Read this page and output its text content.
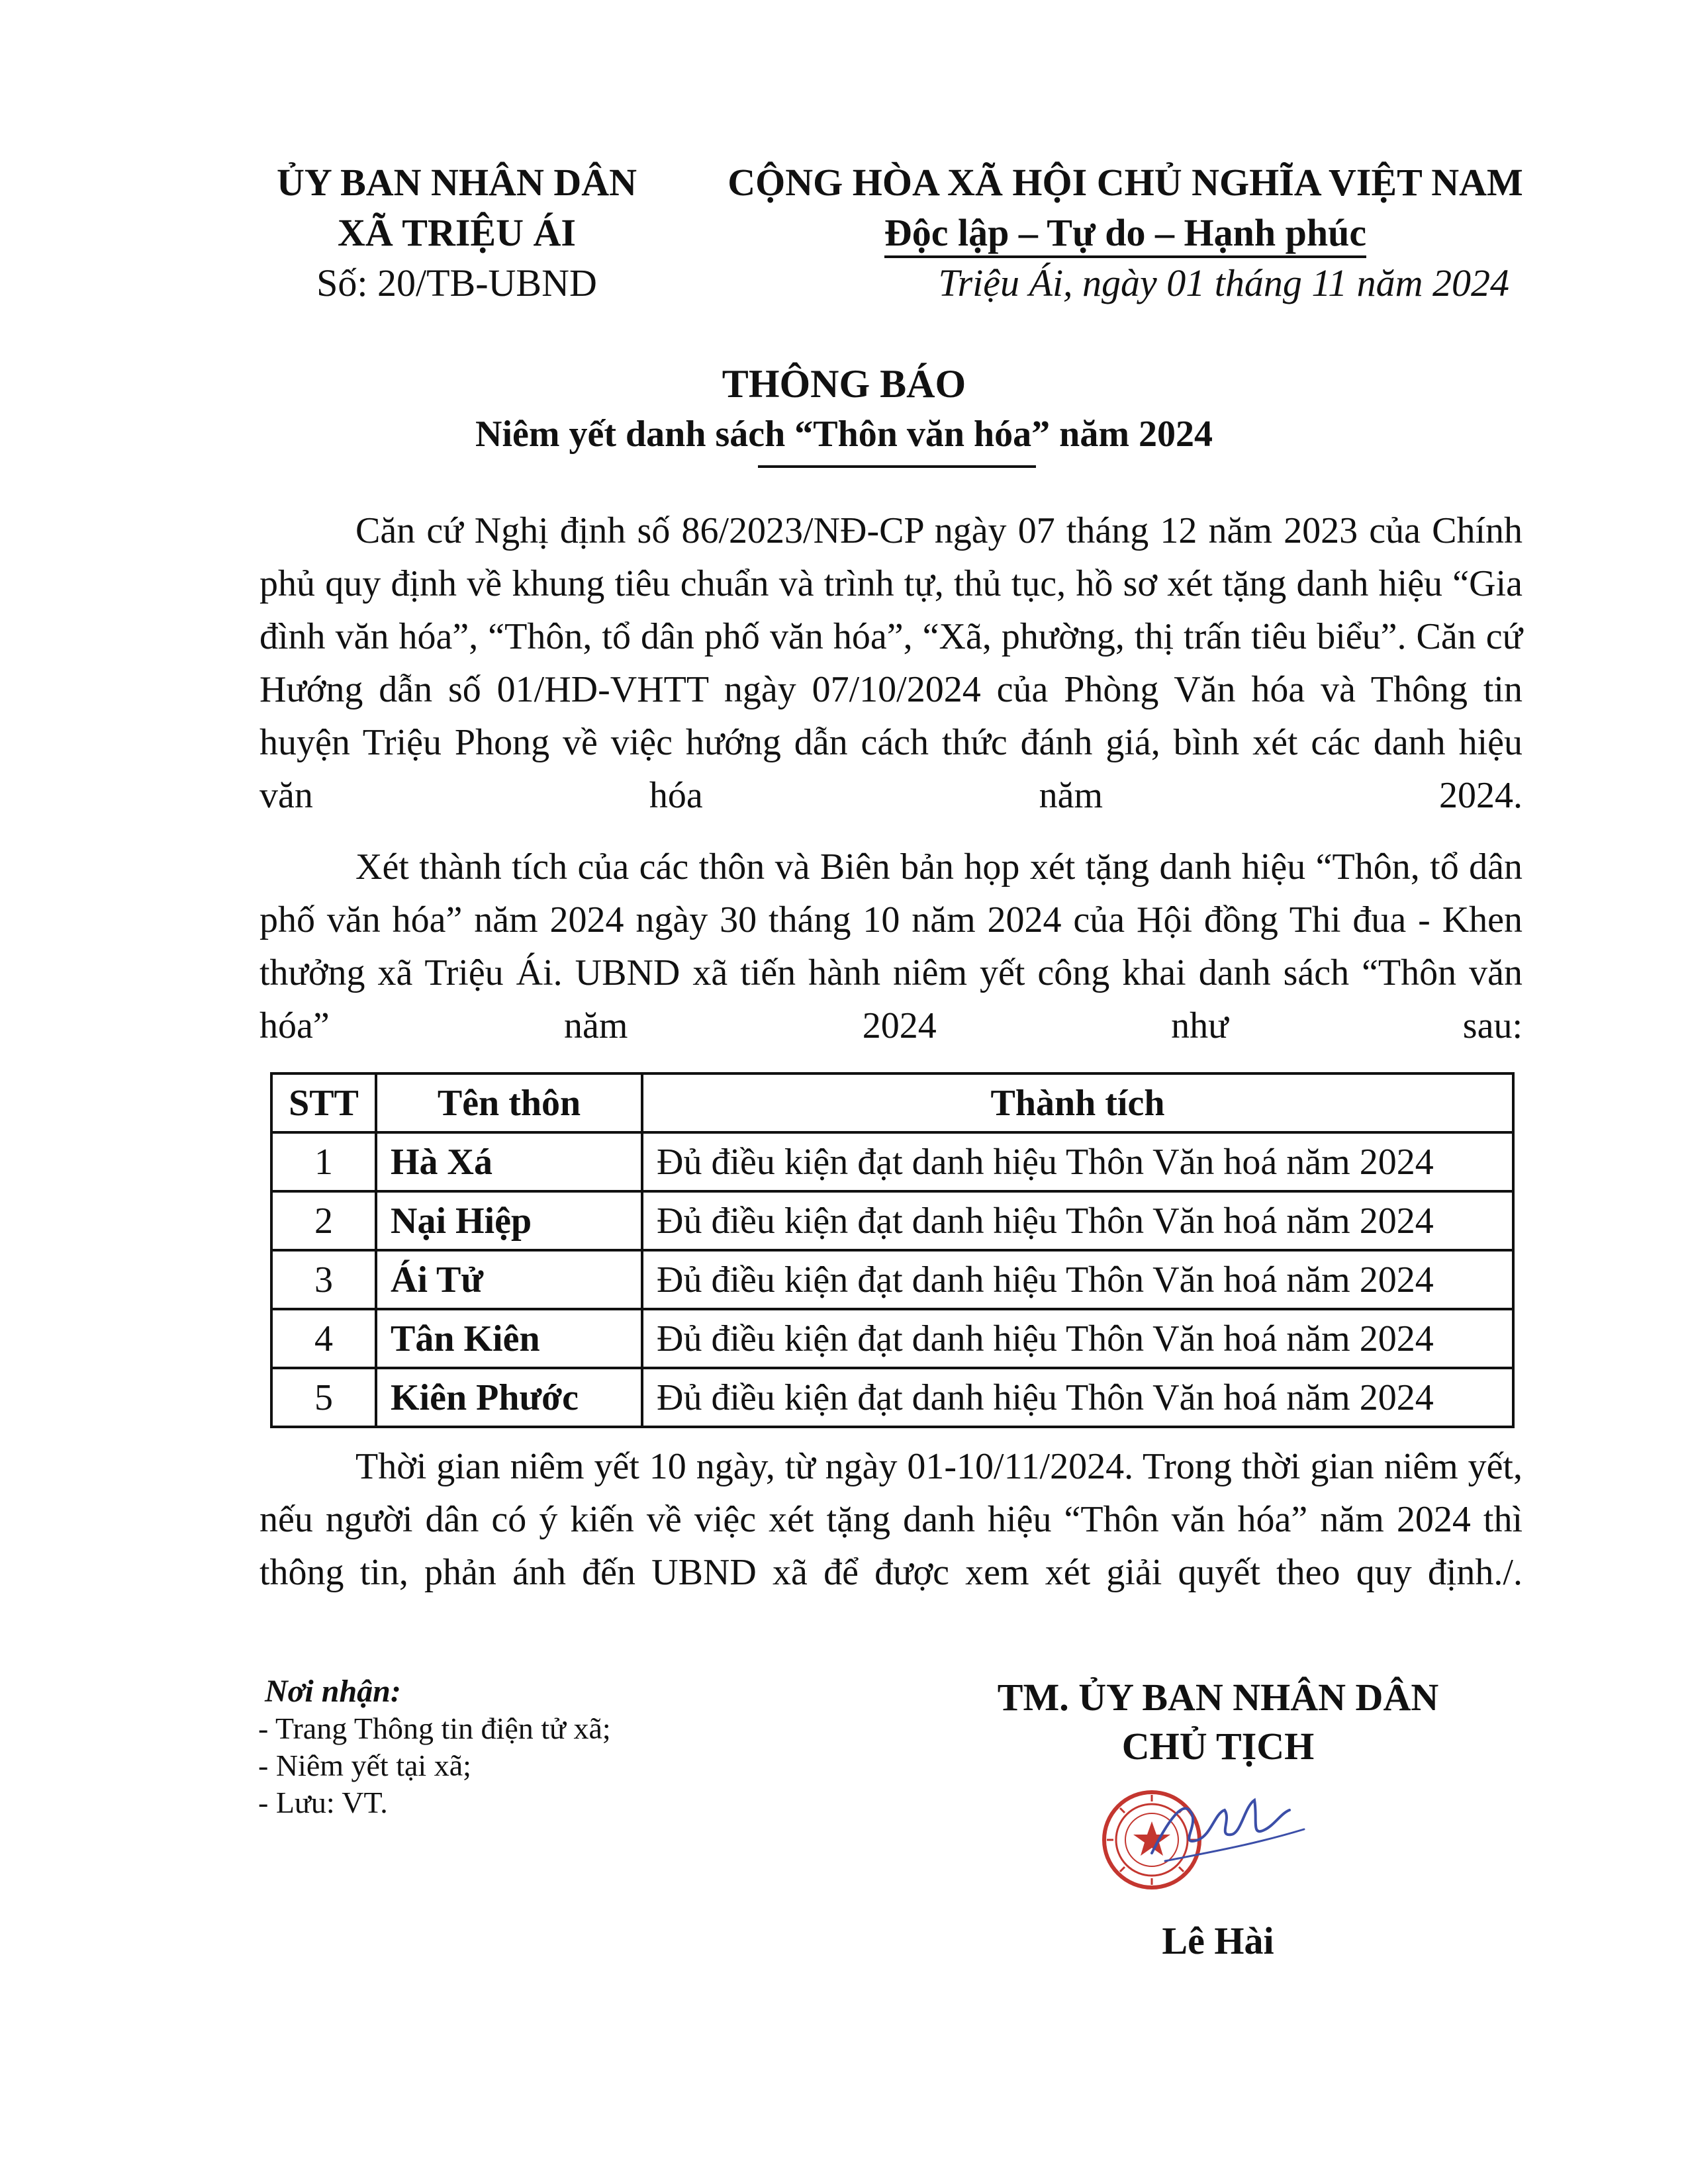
ỦY BAN NHÂN DÂN
XÃ TRIỆU ÁI
Số: 20/TB-UBND
CỘNG HÒA XÃ HỘI CHỦ NGHĨA VIỆT NAM
Độc lập – Tự do – Hạnh phúc
Triệu Ái, ngày 01 tháng 11 năm 2024
THÔNG BÁO
Niêm yết danh sách “Thôn văn hóa” năm 2024

Căn cứ Nghị định số 86/2023/NĐ-CP ngày 07 tháng 12 năm 2023 của Chính phủ quy định về khung tiêu chuẩn và trình tự, thủ tục, hồ sơ xét tặng danh hiệu “Gia đình văn hóa”, “Thôn, tổ dân phố văn hóa”, “Xã, phường, thị trấn tiêu biểu”. Căn cứ Hướng dẫn số 01/HD-VHTT ngày 07/10/2024 của Phòng Văn hóa và Thông tin huyện Triệu Phong về việc hướng dẫn cách thức đánh giá, bình xét các danh hiệu văn hóa năm 2024.

Xét thành tích của các thôn và Biên bản họp xét tặng danh hiệu “Thôn, tổ dân phố văn hóa” năm 2024 ngày 30 tháng 10 năm 2024 của Hội đồng Thi đua - Khen thưởng xã Triệu Ái. UBND xã tiến hành niêm yết công khai danh sách “Thôn văn hóa” năm 2024 như sau:

STT	Tên thôn	Thành tích
1	Hà Xá	Đủ điều kiện đạt danh hiệu Thôn Văn hoá năm 2024
2	Nại Hiệp	Đủ điều kiện đạt danh hiệu Thôn Văn hoá năm 2024
3	Ái Tử	Đủ điều kiện đạt danh hiệu Thôn Văn hoá năm 2024
4	Tân Kiên	Đủ điều kiện đạt danh hiệu Thôn Văn hoá năm 2024
5	Kiên Phước	Đủ điều kiện đạt danh hiệu Thôn Văn hoá năm 2024

Thời gian niêm yết 10 ngày, từ ngày 01-10/11/2024. Trong thời gian niêm yết, nếu người dân có ý kiến về việc xét tặng danh hiệu “Thôn văn hóa” năm 2024 thì thông tin, phản ánh đến UBND xã để được xem xét giải quyết theo quy định./.

Nơi nhận:
- Trang Thông tin điện tử xã;
- Niêm yết tại xã;
- Lưu: VT.
TM. ỦY BAN NHÂN DÂN
CHỦ TỊCH
Lê Hài
